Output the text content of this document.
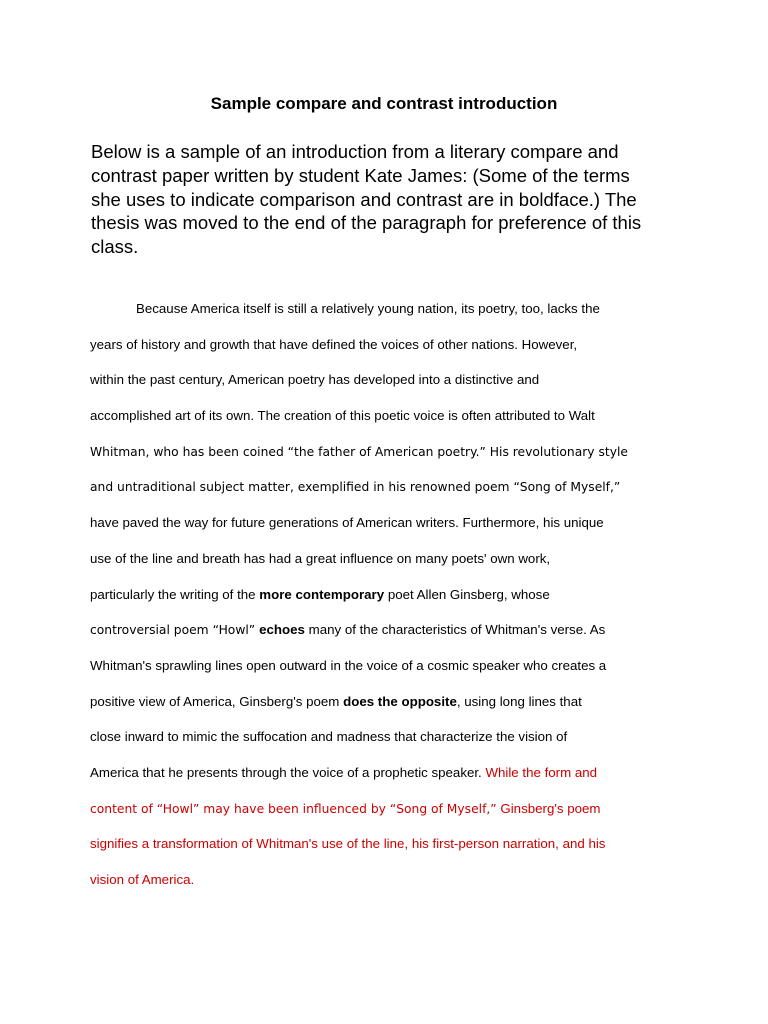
Sample compare and contrast introduction
Below is a sample of an introduction from a literary compare and
contrast paper written by student Kate James: (Some of the terms
she uses to indicate comparison and contrast are in boldface.) The
thesis was moved to the end of the paragraph for preference of this
class.
Because America itself is still a relatively young nation, its poetry, too, lacks the
years of history and growth that have defined the voices of other nations. However,
within the past century, American poetry has developed into a distinctive and
accomplished art of its own. The creation of this poetic voice is often attributed to Walt
Whitman, who has been coined “the father of American poetry.” His revolutionary style
and untraditional subject matter, exemplified in his renowned poem “Song of Myself,”
have paved the way for future generations of American writers. Furthermore, his unique
use of the line and breath has had a great influence on many poets' own work,
particularly the writing of the more contemporary poet Allen Ginsberg, whose
controversial poem “Howl” echoes many of the characteristics of Whitman's verse. As
Whitman's sprawling lines open outward in the voice of a cosmic speaker who creates a
positive view of America, Ginsberg's poem does the opposite, using long lines that
close inward to mimic the suffocation and madness that characterize the vision of
America that he presents through the voice of a prophetic speaker. While the form and
content of “Howl” may have been influenced by “Song of Myself,” Ginsberg's poem
signifies a transformation of Whitman's use of the line, his first-person narration, and his
vision of America.
